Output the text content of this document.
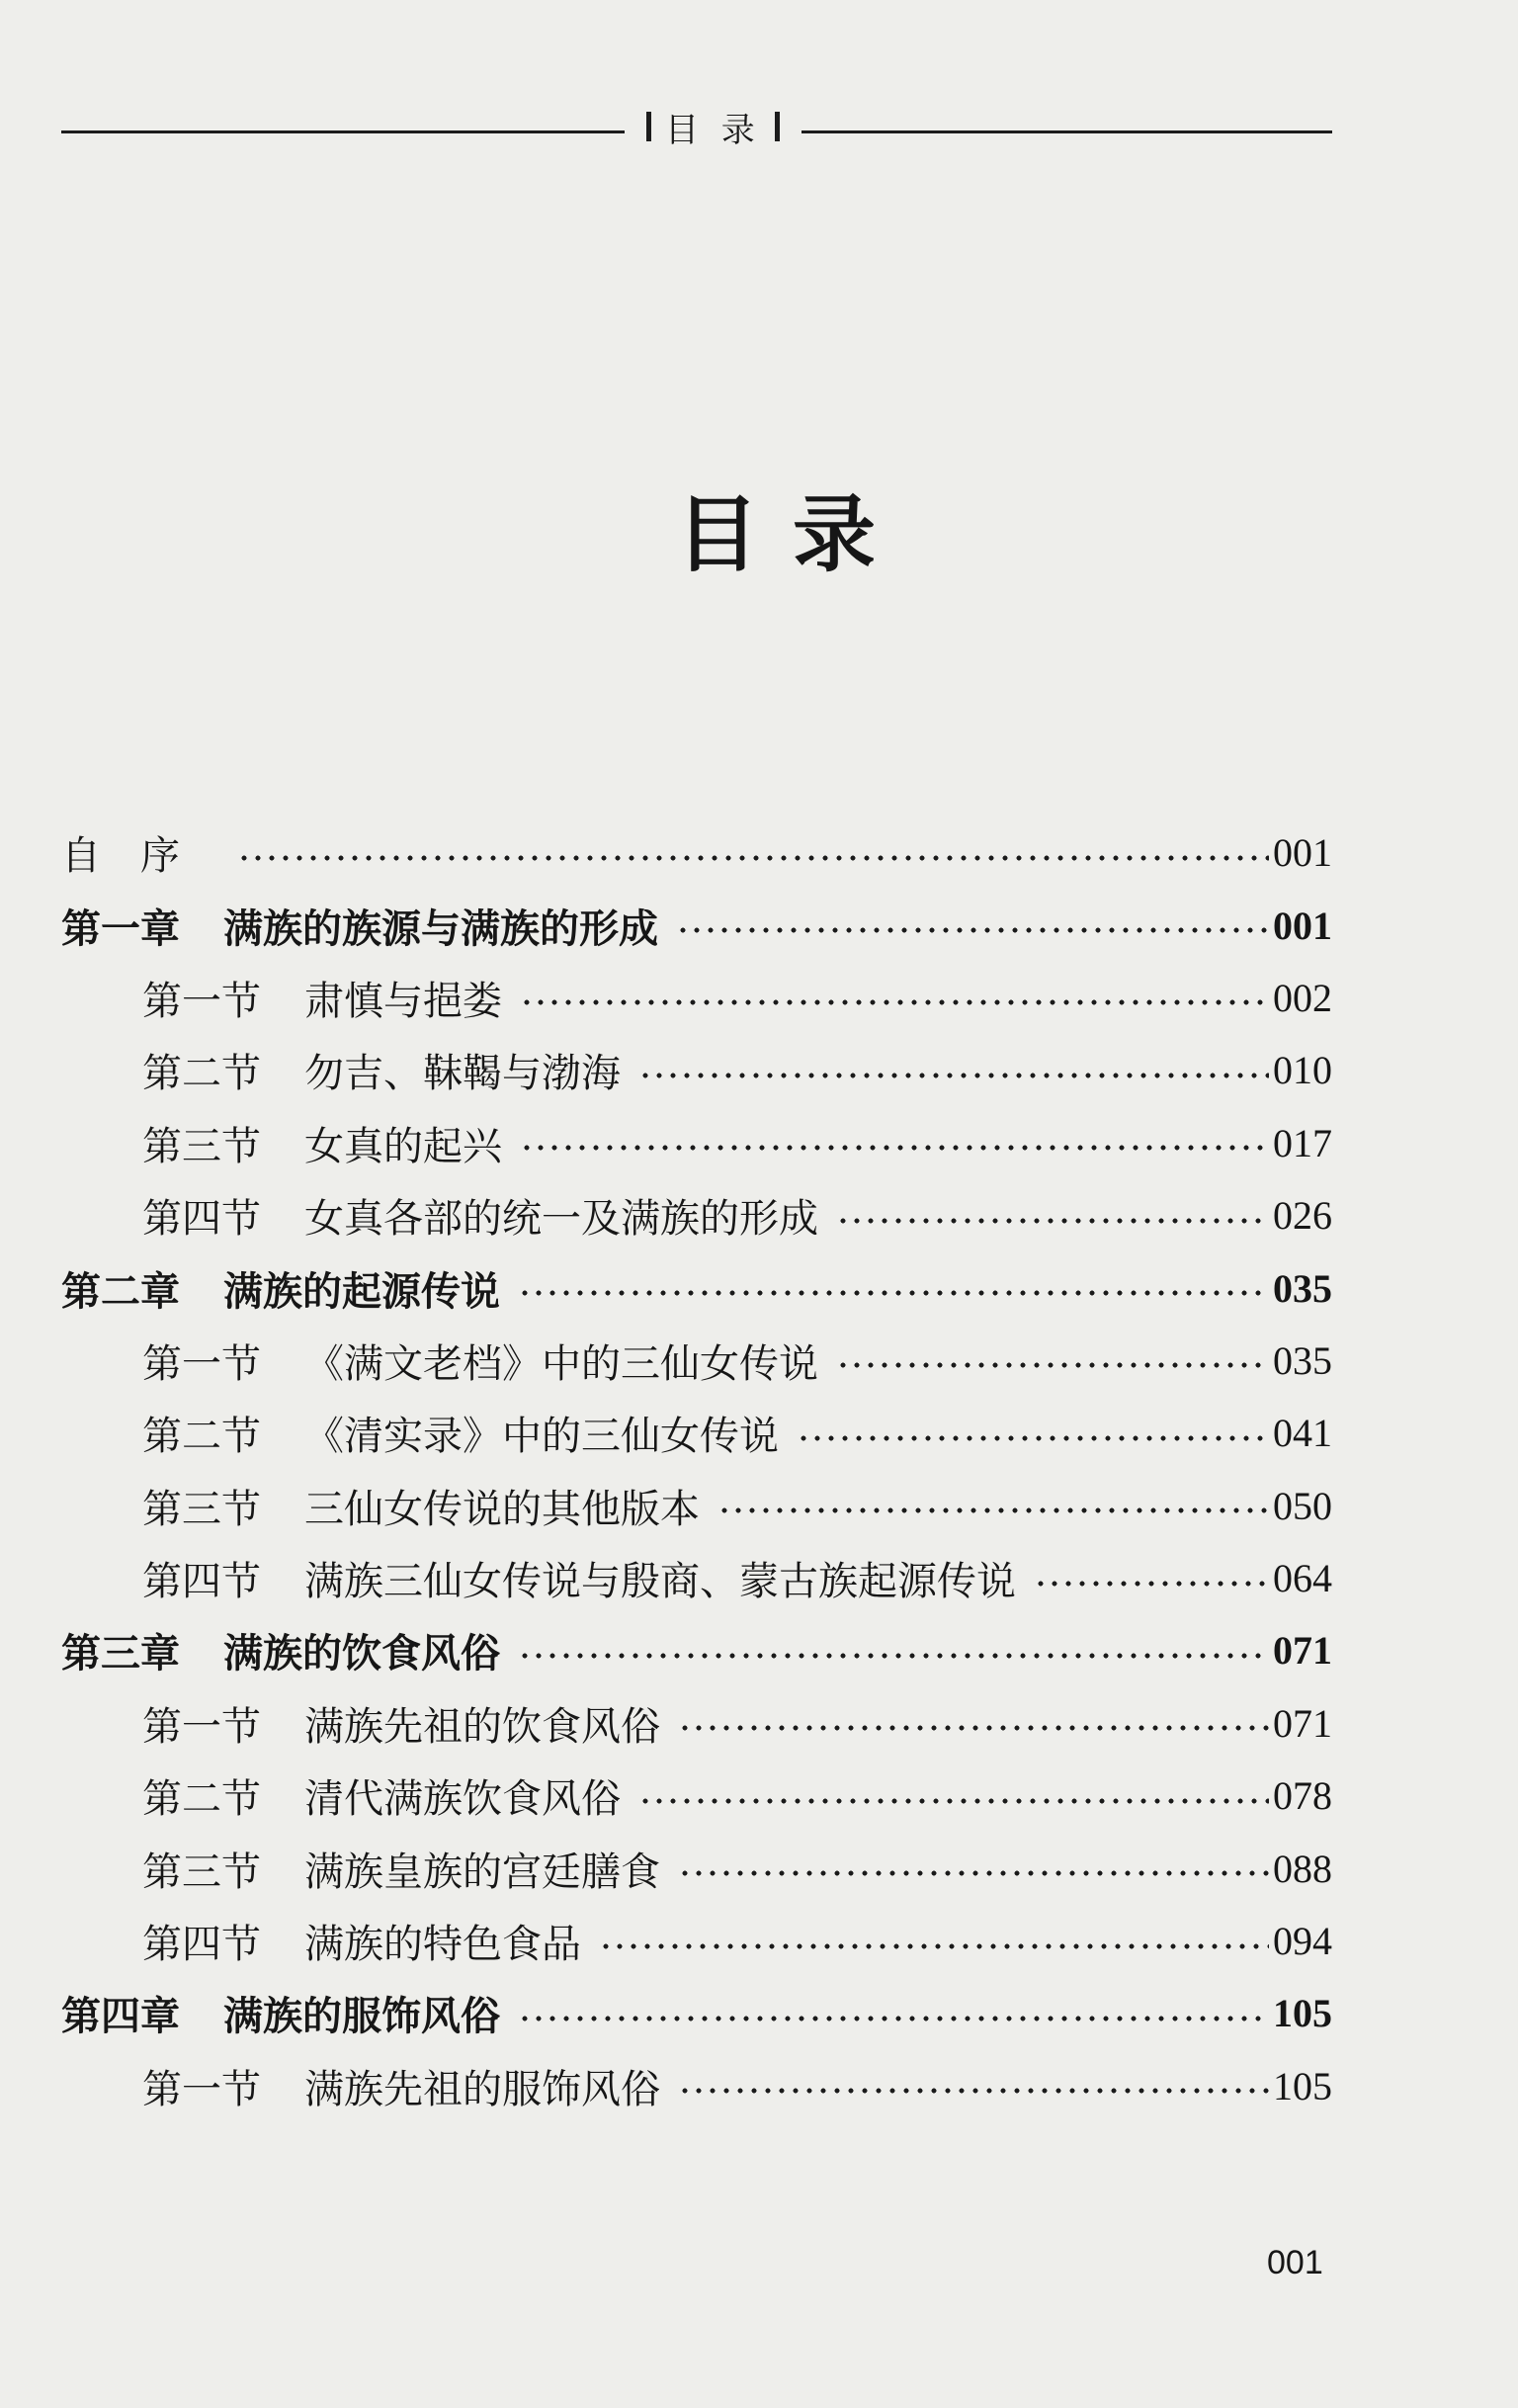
目 录
目录
自序	001
第一章 满族的族源与满族的形成	001
第一节 肃慎与挹娄	002
第二节 勿吉、靺鞨与渤海	010
第三节 女真的起兴	017
第四节 女真各部的统一及满族的形成	026
第二章 满族的起源传说	035
第一节 《满文老档》中的三仙女传说	035
第二节 《清实录》中的三仙女传说	041
第三节 三仙女传说的其他版本	050
第四节 满族三仙女传说与殷商、蒙古族起源传说	064
第三章 满族的饮食风俗	071
第一节 满族先祖的饮食风俗	071
第二节 清代满族饮食风俗	078
第三节 满族皇族的宫廷膳食	088
第四节 满族的特色食品	094
第四章 满族的服饰风俗	105
第一节 满族先祖的服饰风俗	105
001
